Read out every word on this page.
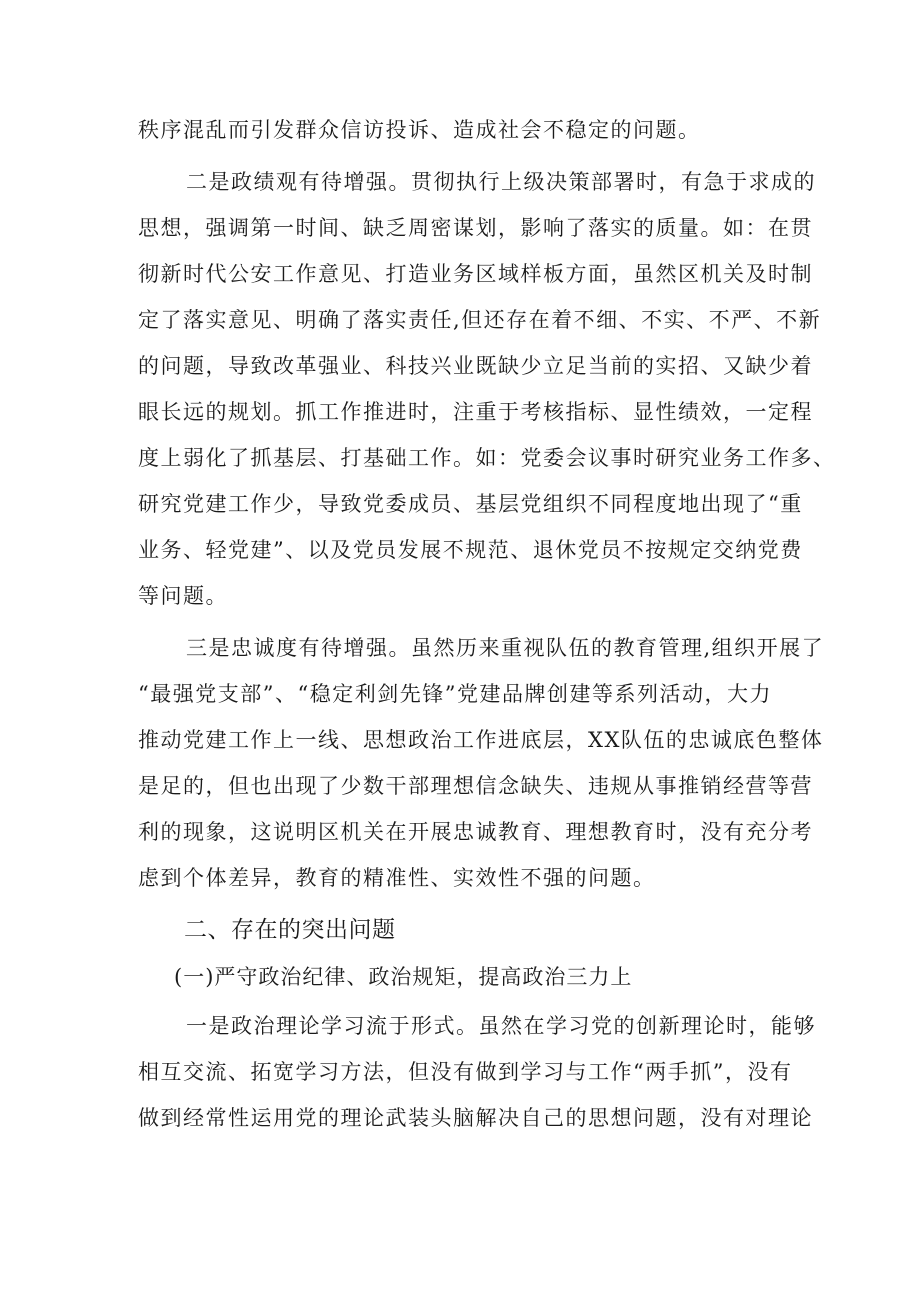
秩序混乱而引发群众信访投诉、造成社会不稳定的问题。
二是政绩观有待增强。贯彻执行上级决策部署时，有急于求成的
思想，强调第一时间、缺乏周密谋划，影响了落实的质量。如：在贯
彻新时代公安工作意见、打造业务区域样板方面，虽然区机关及时制
定了落实意见、明确了落实责任,但还存在着不细、不实、不严、不新
的问题，导致改革强业、科技兴业既缺少立足当前的实招、又缺少着
眼长远的规划。抓工作推进时，注重于考核指标、显性绩效，一定程
度上弱化了抓基层、打基础工作。如：党委会议事时研究业务工作多、
研究党建工作少，导致党委成员、基层党组织不同程度地出现了“重
业务、轻党建”、以及党员发展不规范、退休党员不按规定交纳党费
等问题。
三是忠诚度有待增强。虽然历来重视队伍的教育管理,组织开展了
“最强党支部”、“稳定利剑先锋”党建品牌创建等系列活动，大力
推动党建工作上一线、思想政治工作进底层，XX队伍的忠诚底色整体
是足的，但也出现了少数干部理想信念缺失、违规从事推销经营等营
利的现象，这说明区机关在开展忠诚教育、理想教育时，没有充分考
虑到个体差异，教育的精准性、实效性不强的问题。
二、存在的突出问题
(一)严守政治纪律、政治规矩，提高政治三力上
一是政治理论学习流于形式。虽然在学习党的创新理论时，能够
相互交流、拓宽学习方法，但没有做到学习与工作“两手抓”，没有
做到经常性运用党的理论武装头脑解决自己的思想问题，没有对理论
